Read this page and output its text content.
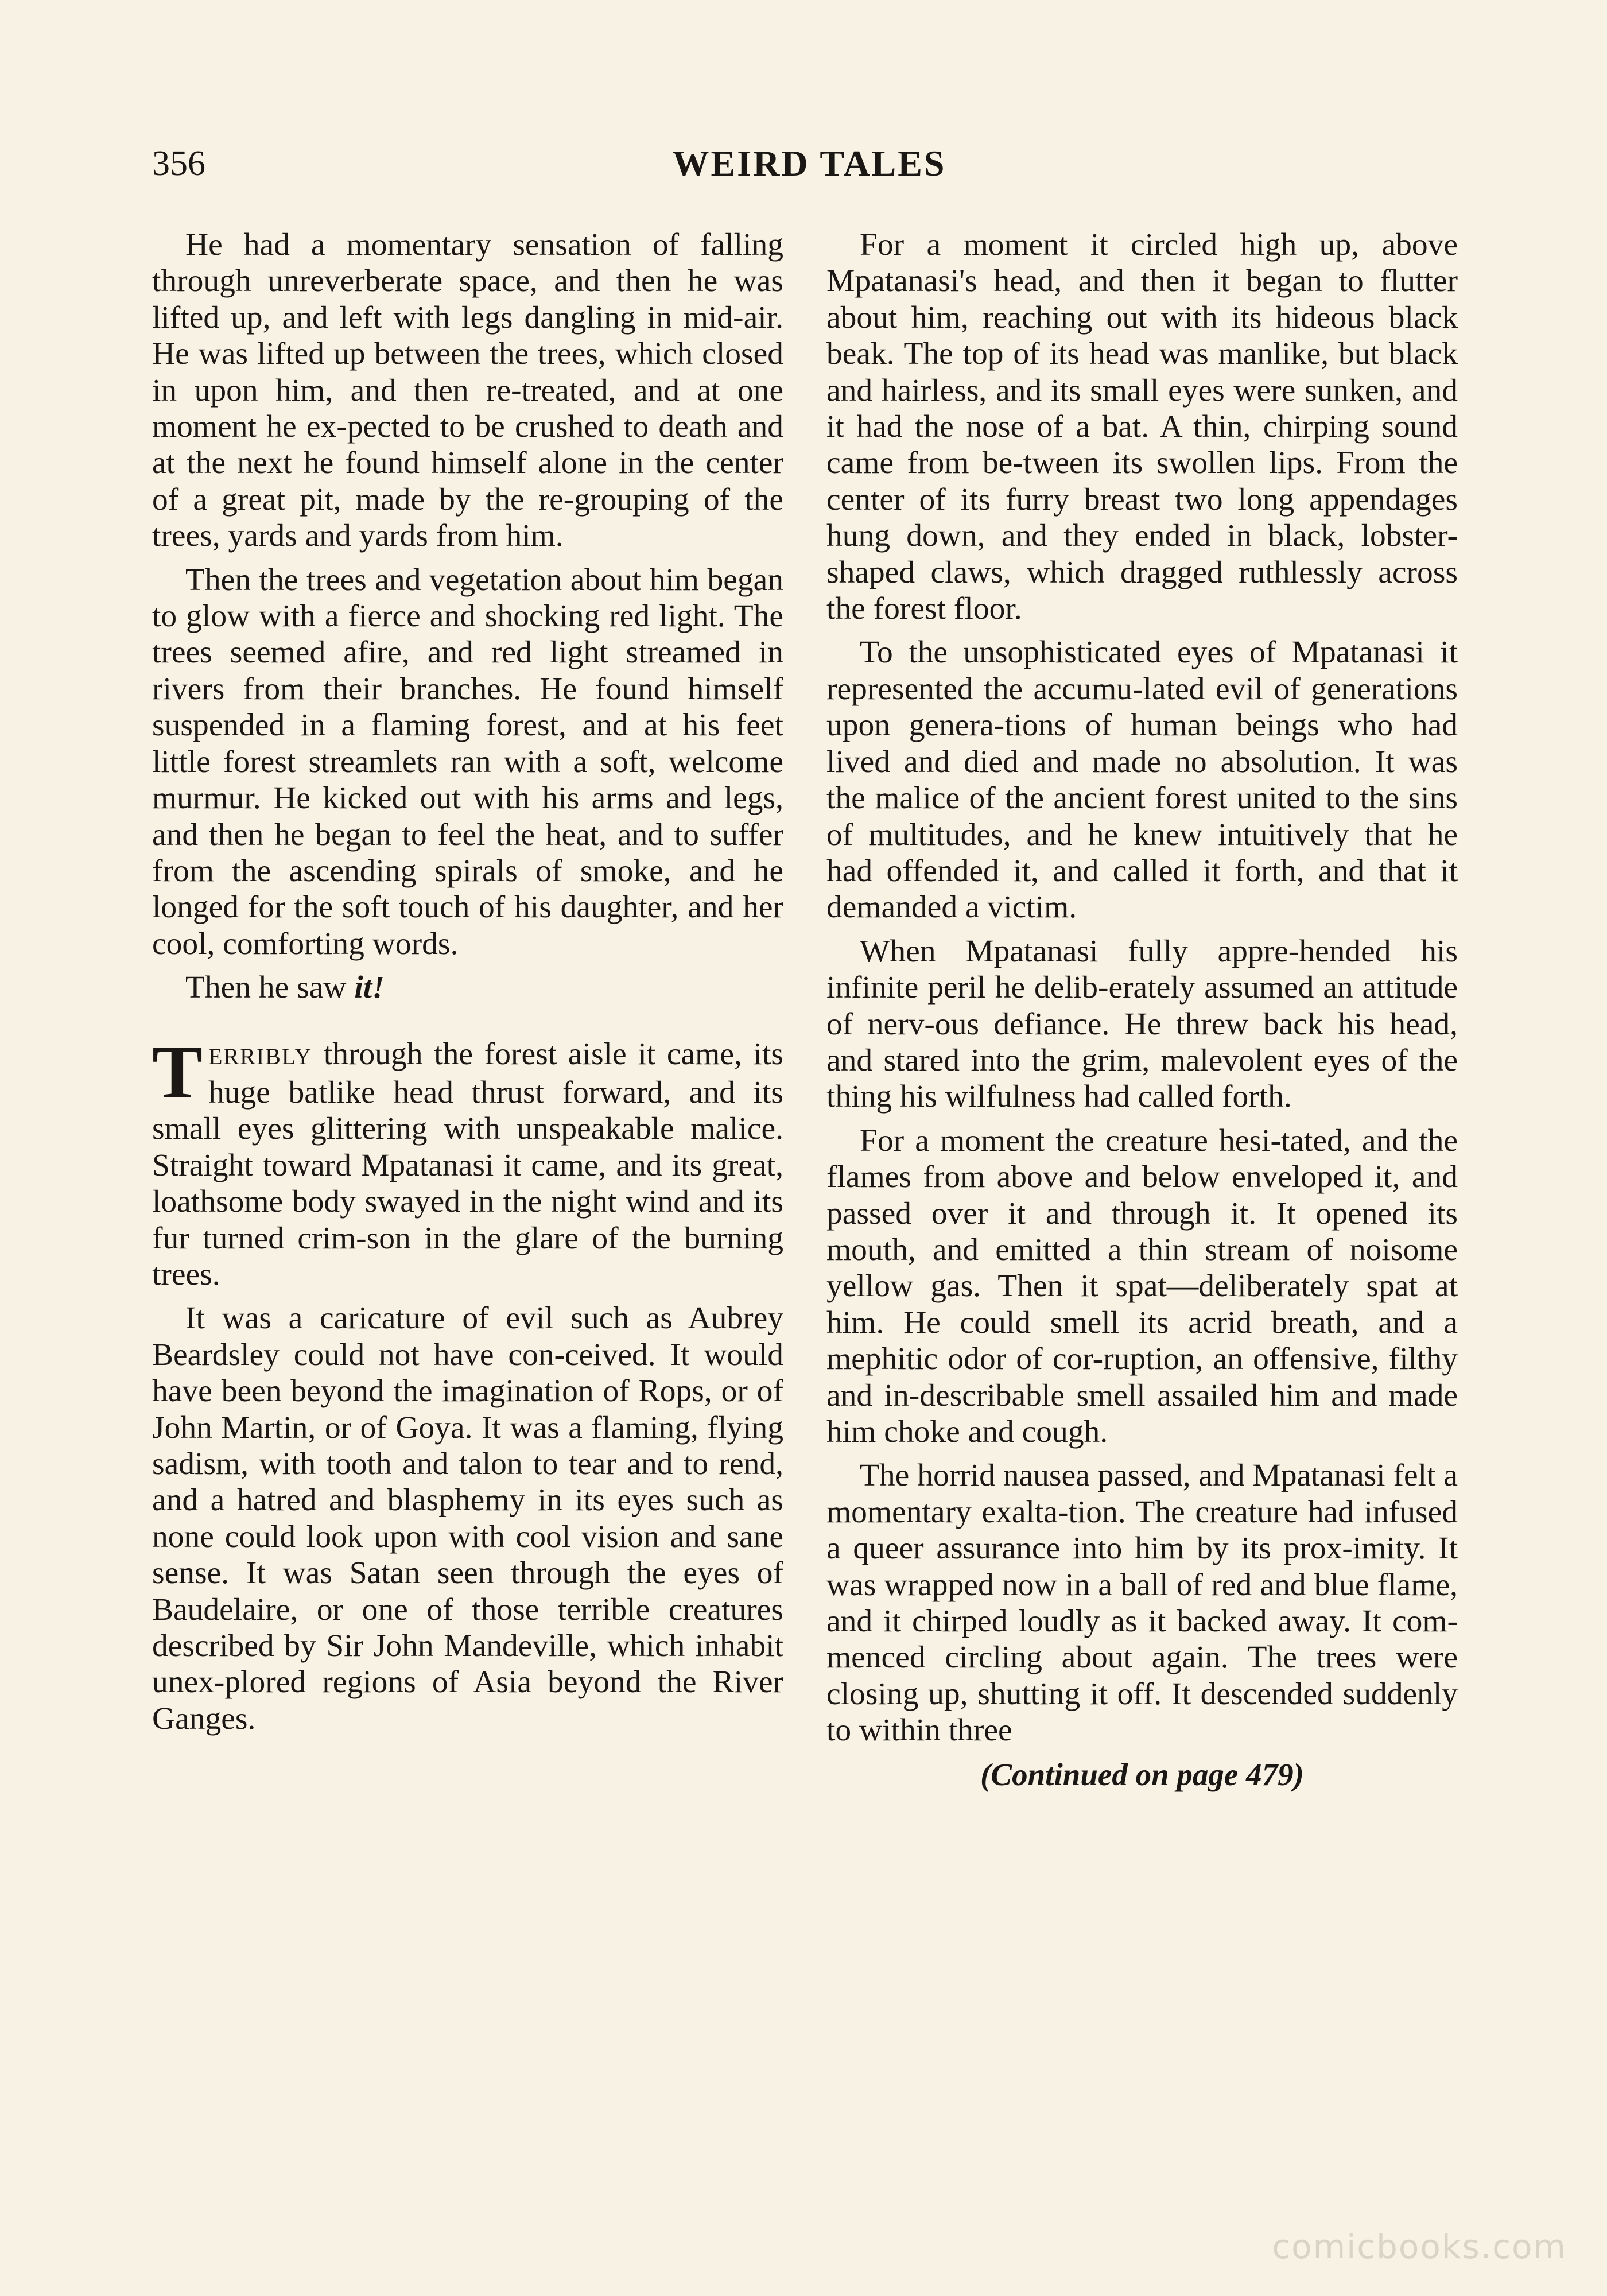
356	WEIRD TALES

He had a momentary sensation of falling through unreverberate space, and then he was lifted up, and left with legs dangling in mid-air. He was lifted up between the trees, which closed in upon him, and then re-treated, and at one moment he ex-pected to be crushed to death and at the next he found himself alone in the center of a great pit, made by the re-grouping of the trees, yards and yards from him.

Then the trees and vegetation about him began to glow with a fierce and shocking red light. The trees seemed afire, and red light streamed in rivers from their branches. He found himself suspended in a flaming forest, and at his feet little forest streamlets ran with a soft, welcome murmur. He kicked out with his arms and legs, and then he began to feel the heat, and to suffer from the ascending spirals of smoke, and he longed for the soft touch of his daughter, and her cool, comforting words.

Then he saw it!

TERRIBLY through the forest aisle it came, its huge batlike head thrust forward, and its small eyes glittering with unspeakable malice. Straight toward Mpatanasi it came, and its great, loathsome body swayed in the night wind and its fur turned crim-son in the glare of the burning trees.

It was a caricature of evil such as Aubrey Beardsley could not have con-ceived. It would have been beyond the imagination of Rops, or of John Martin, or of Goya. It was a flaming, flying sadism, with tooth and talon to tear and to rend, and a hatred and blasphemy in its eyes such as none could look upon with cool vision and sane sense. It was Satan seen through the eyes of Baudelaire, or one of those terrible creatures described by Sir John Mandeville, which inhabit unex-plored regions of Asia beyond the River Ganges.

For a moment it circled high up, above Mpatanasi's head, and then it began to flutter about him, reaching out with its hideous black beak. The top of its head was manlike, but black and hairless, and its small eyes were sunken, and it had the nose of a bat. A thin, chirping sound came from be-tween its swollen lips. From the center of its furry breast two long appendages hung down, and they ended in black, lobster-shaped claws, which dragged ruthlessly across the forest floor.

To the unsophisticated eyes of Mpatanasi it represented the accumu-lated evil of generations upon genera-tions of human beings who had lived and died and made no absolution. It was the malice of the ancient forest united to the sins of multitudes, and he knew intuitively that he had offended it, and called it forth, and that it demanded a victim.

When Mpatanasi fully appre-hended his infinite peril he delib-erately assumed an attitude of nerv-ous defiance. He threw back his head, and stared into the grim, malevolent eyes of the thing his wilfulness had called forth.

For a moment the creature hesi-tated, and the flames from above and below enveloped it, and passed over it and through it. It opened its mouth, and emitted a thin stream of noisome yellow gas. Then it spat—deliberately spat at him. He could smell its acrid breath, and a mephitic odor of cor-ruption, an offensive, filthy and in-describable smell assailed him and made him choke and cough.

The horrid nausea passed, and Mpatanasi felt a momentary exalta-tion. The creature had infused a queer assurance into him by its prox-imity. It was wrapped now in a ball of red and blue flame, and it chirped loudly as it backed away. It com-menced circling about again. The trees were closing up, shutting it off. It descended suddenly to within three

(Continued on page 479)
comicbooks.com
